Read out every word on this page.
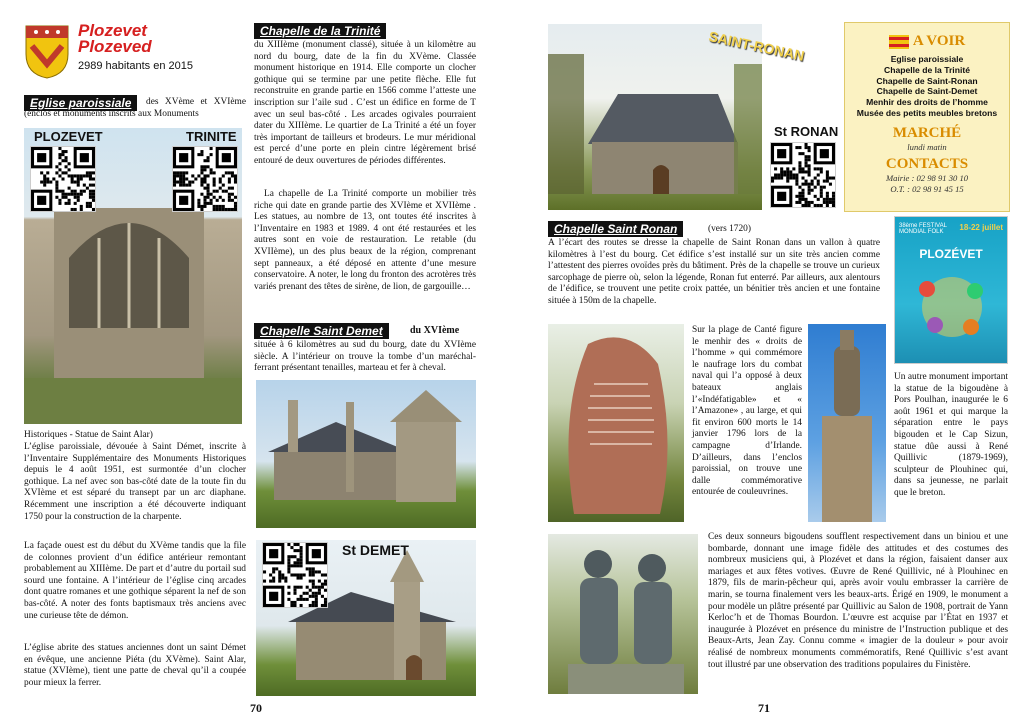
Plozevet
Plozeved
2989 habitants en 2015
Eglise paroissiale	des XVème et XVIème (enclos et monuments inscrits aux Monuments
PLOZEVET	TRINITE
Historiques - Statue de Saint Alar)
L’église paroissiale, dévouée à Saint Démet, inscrite à l’Inventaire Supplémentaire des Monuments Historiques depuis le 4 août 1951, est surmontée d’un clocher gothique. La nef avec son bas-côté date de la toute fin du XVIème et est séparé du transept par un arc diaphane. Récemment une inscription a été découverte indiquant 1750 pour la construction de la charpente.
La façade ouest est du début du XVème tandis que la file de colonnes provient d’un édifice antérieur remontant probablement au XIIIème. De part et d’autre du portail sud sourd une fontaine. A l’intérieur de l’église cinq arcades dont quatre romanes et une gothique séparent la nef de son bas-côté. A noter des fonts baptismaux très anciens avec une curieuse tête de démon.
L’église abrite des statues anciennes dont un saint Démet en évêque, une ancienne Piéta (du XVème). Saint Alar, statue (XVIème), tient une patte de cheval qu’il a coupée pour mieux la ferrer.
Chapelle de la Trinité
du XIIIème (monument classé), située à un kilomètre au nord du bourg, date de la fin du XVème. Classée monument historique en 1914. Elle comporte un clocher gothique qui se termine par une petite flèche. Elle fut reconstruite en grande partie en 1566 comme l’atteste une inscription sur l’aile sud . C’est un édifice en forme de T avec un seul bas-côté . Les arcades ogivales pourraient dater du XIIIème. Le quartier de La Trinité a été un foyer très important de tailleurs et brodeurs. Le mur méridional est percé d’une porte en plein cintre légèrement brisé entouré de deux ouvertures de périodes différentes.
La chapelle de La Trinité comporte un mobilier très riche qui date en grande partie des XVIème et XVIIème . Les statues, au nombre de 13, ont toutes été inscrites à l’Inventaire en 1983 et 1989. 4 ont été restaurées et les autres sont en voie de restauration. Le retable (du XVIIème), un des plus beaux de la région, comprenant sept panneaux, a été déposé en attente d’une mesure conservatoire. A noter, le long du fronton des acrotères très variés prenant des têtes de sirène, de lion, de gargouille…
Chapelle Saint Demet	du XVIème
située à 6 kilomètres au sud du bourg, date du XVIème siècle. A l’intérieur on trouve la tombe d’un maréchal-ferrant présentant tenailles, marteau et fer à cheval.
St DEMET
70
SAINT-RONAN
St RONAN
A VOIR
Eglise paroissiale
Chapelle de la Trinité
Chapelle de Saint-Ronan
Chapelle de Saint-Demet
Menhir des droits de l’homme
Musée des petits meubles bretons
MARCHÉ
lundi matin
CONTACTS
Mairie : 02 98 91 30 10
O.T. : 02 98 91 45 15
Chapelle Saint Ronan	(vers 1720)
A l’écart des routes se dresse la chapelle de Saint Ronan dans un vallon à quatre kilomètres à l’est du bourg. Cet édifice s’est installé sur un site très ancien comme l’attestent des pierres ovoïdes près du bâtiment. Près de la chapelle se trouve un curieux sarcophage de pierre où, selon la légende, Ronan fut enterré. Par ailleurs, aux alentours de l’édifice, se trouvent une petite croix pattée, un bénitier très ancien et une fontaine située à 150m de la chapelle.
38ème FESTIVAL MONDIAL FOLK	18-22 juillet
PLOZÉVET
Sur la plage de Canté figure le menhir des « droits de l’homme » qui commémore le naufrage lors du combat naval qui l’a opposé à deux bateaux anglais l’«Indéfatigable» et « l’Amazone» , au large, et qui fit environ 600 morts le 14 janvier 1796 lors de la campagne d’Irlande. D’ailleurs, dans l’enclos paroissial, on trouve une dalle commémorative entourée de couleuvrines.
Un autre monument important la statue de la bigoudène à Pors Poulhan, inaugurée le 6 août 1961 et qui marque la séparation entre le pays bigouden et le Cap Sizun, statue dûe aussi à René Quillivic (1879-1969), sculpteur de Plouhinec qui, dans sa jeunesse, ne parlait que le breton.
Ces deux sonneurs bigoudens soufflent respectivement dans un biniou et une bombarde, donnant une image fidèle des attitudes et des costumes des nombreux musiciens qui, à Plozévet et dans la région, faisaient danser aux mariages et aux fêtes votives. Œuvre de René Quillivic, né à Plouhinec en 1879, fils de marin-pêcheur qui, après avoir voulu embrasser la carrière de marin, se tourna finalement vers les beaux-arts. Érigé en 1909, le monument a pour modèle un plâtre présenté par Quillivic au Salon de 1908, portrait de Yann Kerloc’h et de Thomas Bourdon. L’œuvre est acquise par l’État en 1937 et inaugurée à Plozévet en présence du ministre de l’Instruction publique et des Beaux-Arts, Jean Zay. Connu comme « imagier de la douleur » pour avoir réalisé de nombreux monuments commémoratifs, René Quillivic s’est avant tout illustré par une observation des traditions populaires du Finistère.
71
